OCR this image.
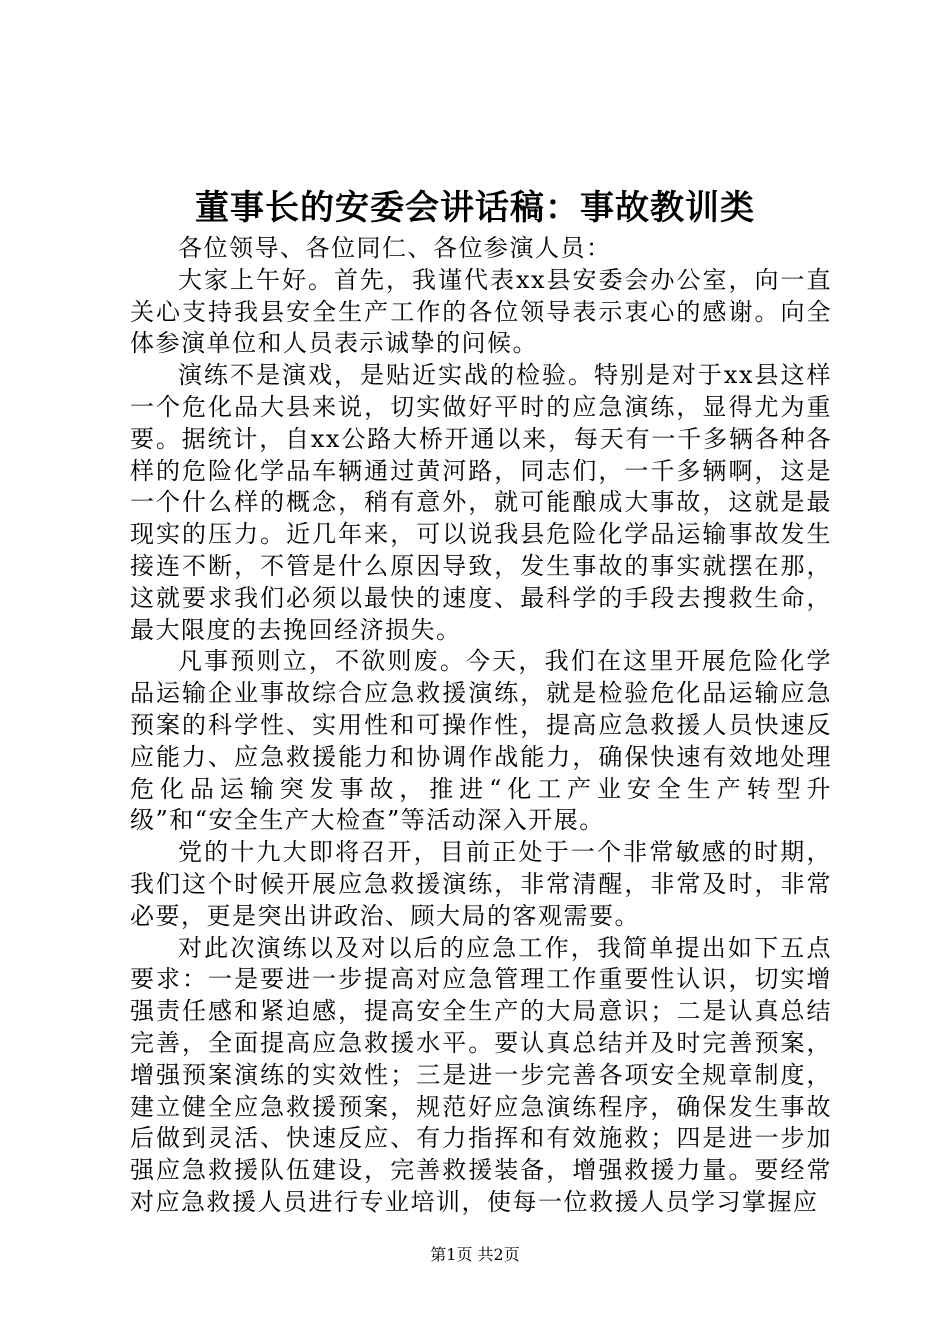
董事长的安委会讲话稿：事故教训类

各位领导、各位同仁、各位参演人员：

大家上午好。首先，我谨代表xx县安委会办公室，向一直关心支持我县安全生产工作的各位领导表示衷心的感谢。向全体参演单位和人员表示诚挚的问候。

演练不是演戏，是贴近实战的检验。特别是对于xx县这样一个危化品大县来说，切实做好平时的应急演练，显得尤为重要。据统计，自xx公路大桥开通以来，每天有一千多辆各种各样的危险化学品车辆通过黄河路，同志们，一千多辆啊，这是一个什么样的概念，稍有意外，就可能酿成大事故，这就是最现实的压力。近几年来，可以说我县危险化学品运输事故发生接连不断，不管是什么原因导致，发生事故的事实就摆在那，这就要求我们必须以最快的速度、最科学的手段去搜救生命，最大限度的去挽回经济损失。

凡事预则立，不欲则废。今天，我们在这里开展危险化学品运输企业事故综合应急救援演练，就是检验危化品运输应急预案的科学性、实用性和可操作性，提高应急救援人员快速反应能力、应急救援能力和协调作战能力，确保快速有效地处理危化品运输突发事故，推进“化工产业安全生产转型升级”和“安全生产大检查”等活动深入开展。

党的十九大即将召开，目前正处于一个非常敏感的时期，我们这个时候开展应急救援演练，非常清醒，非常及时，非常必要，更是突出讲政治、顾大局的客观需要。

对此次演练以及对以后的应急工作，我简单提出如下五点要求：一是要进一步提高对应急管理工作重要性认识，切实增强责任感和紧迫感，提高安全生产的大局意识；二是认真总结完善，全面提高应急救援水平。要认真总结并及时完善预案，增强预案演练的实效性；三是进一步完善各项安全规章制度，建立健全应急救援预案，规范好应急演练程序，确保发生事故后做到灵活、快速反应、有力指挥和有效施救；四是进一步加强应急救援队伍建设，完善救援装备，增强救援力量。要经常对应急救援人员进行专业培训，使每一位救援人员学习掌握应

第1页 共2页
